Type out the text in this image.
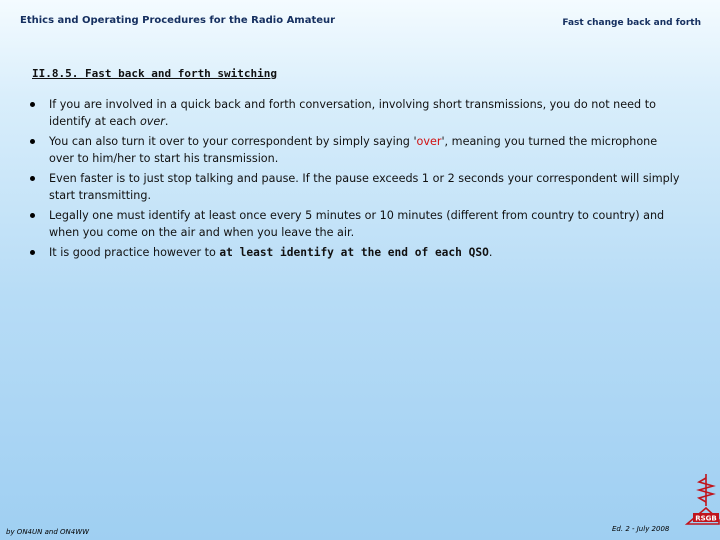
Ethics and Operating Procedures for the Radio Amateur	Fast change back and forth
II.8.5. Fast back and forth switching
If you are involved in a quick back and forth conversation, involving short transmissions, you do not need to identify at each over.
You can also turn it over to your correspondent by simply saying 'over', meaning you turned the microphone over to him/her to start his transmission.
Even faster is to just stop talking and pause. If the pause exceeds 1 or 2 seconds your correspondent will simply start transmitting.
Legally one must identify at least once every 5 minutes or 10 minutes (different from country to country) and when you come on the air and when you leave the air.
It is good practice however to at least identify at the end of each QSO.
by ON4UN and ON4WW	Ed. 2 - July 2008
RSGB
